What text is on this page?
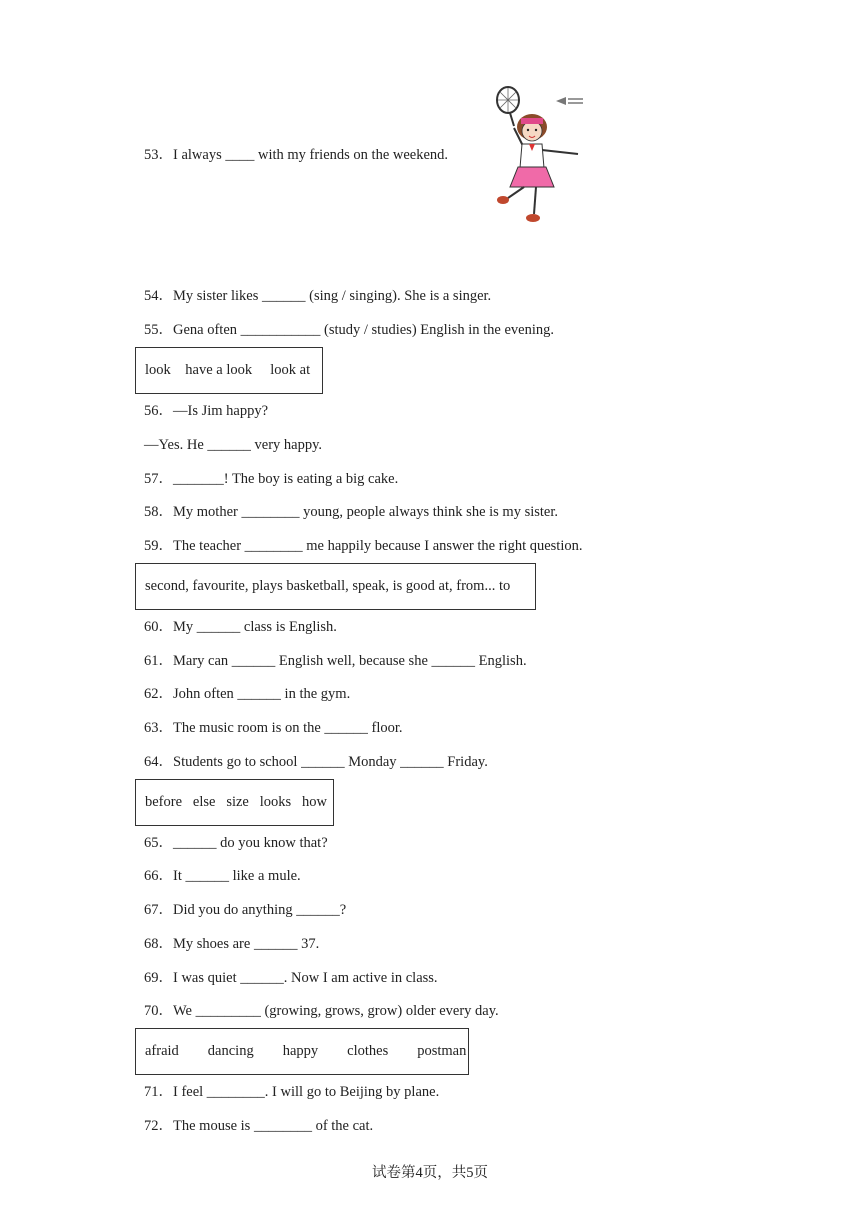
53．I always ____ with my friends on the weekend.
54．My sister likes ______ (sing / singing). She is a singer.
55．Gena often ___________ (study / studies) English in the evening.
look    have a look     look at
56．—Is Jim happy?
—Yes. He ______ very happy.
57．_______! The boy is eating a big cake.
58．My mother ________ young, people always think she is my sister.
59．The teacher ________ me happily because I answer the right question.
second, favourite, plays basketball, speak, is good at, from... to
60．My ______ class is English.
61．Mary can ______ English well, because she ______ English.
62．John often ______ in the gym.
63．The music room is on the ______ floor.
64．Students go to school ______ Monday ______ Friday.
before   else   size   looks   how
65．______ do you know that?
66．It ______ like a mule.
67．Did you do anything ______?
68．My shoes are ______ 37.
69．I was quiet ______. Now I am active in class.
70．We _________ (growing, grows, grow) older every day.
afraid        dancing        happy        clothes        postman
71．I feel ________. I will go to Beijing by plane.
72．The mouse is ________ of the cat.
试卷第4页，共5页
